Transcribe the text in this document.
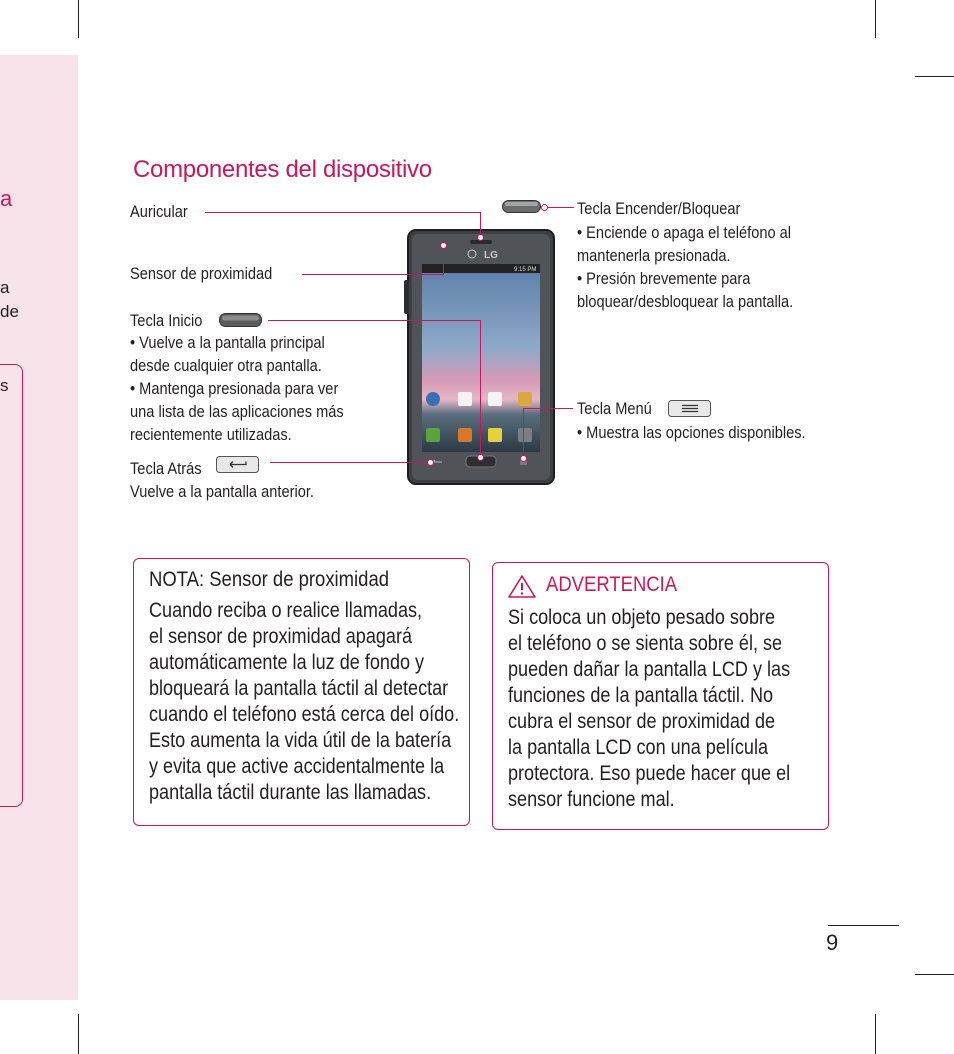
a
a
de
s
Componentes del dispositivo
Auricular
Sensor de proximidad
Tecla Inicio
• Vuelve a la pantalla principal
desde cualquier otra pantalla.
• Mantenga presionada para ver
una lista de las aplicaciones más
recientemente utilizadas.
Tecla Atrás
Vuelve a la pantalla anterior.
Tecla Encender/Bloquear
• Enciende o apaga el teléfono al
mantenerla presionada.
• Presión brevemente para
bloquear/desbloquear la pantalla.
Tecla Menú
• Muestra las opciones disponibles.
LG
9:15 PM
NOTA: Sensor de proximidad
Cuando reciba o realice llamadas,
el sensor de proximidad apagará
automáticamente la luz de fondo y
bloqueará la pantalla táctil al detectar
cuando el teléfono está cerca del oído.
Esto aumenta la vida útil de la batería
y evita que active accidentalmente la
pantalla táctil durante las llamadas.
ADVERTENCIA
Si coloca un objeto pesado sobre
el teléfono o se sienta sobre él, se
pueden dañar la pantalla LCD y las
funciones de la pantalla táctil. No
cubra el sensor de proximidad de
la pantalla LCD con una película
protectora. Eso puede hacer que el
sensor funcione mal.
9
